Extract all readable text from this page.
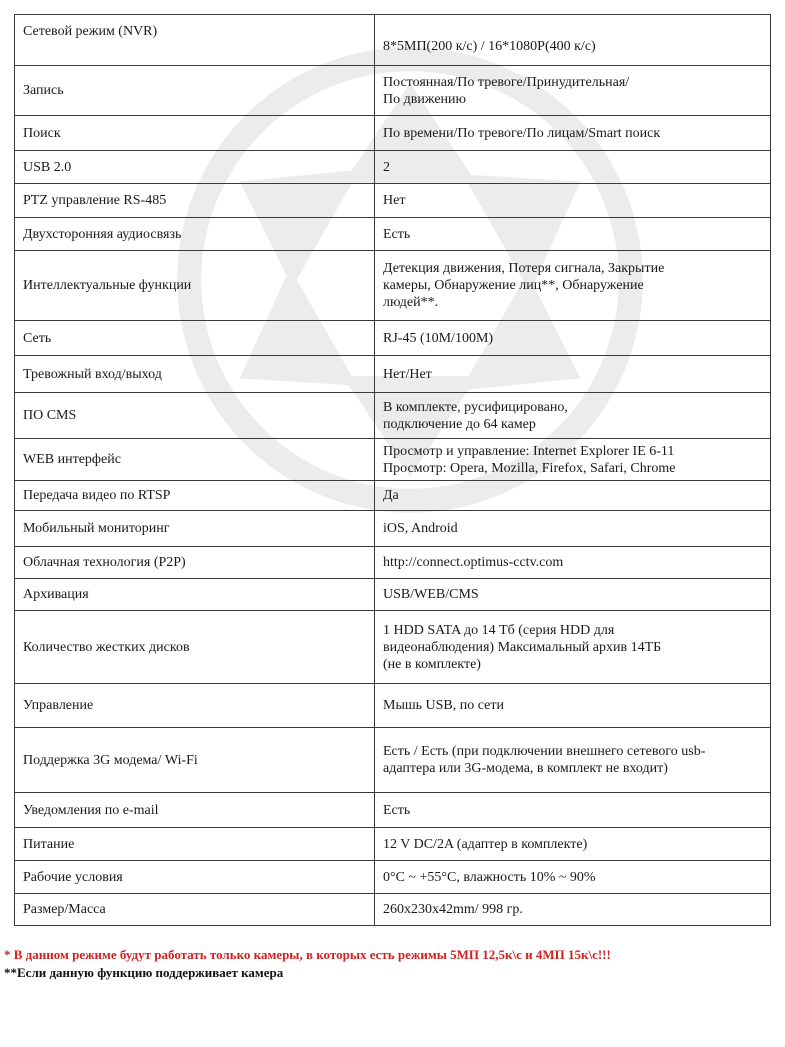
Сетевой режим (NVR)	8*5МП(200 к/с) / 16*1080P(400 к/с)
Запись	Постоянная/По тревоге/Принудительная/
По движению
Поиск	По времени/По тревоге/По лицам/Smart поиск
USB 2.0	2
PTZ управление RS-485	Нет
Двухсторонняя аудиосвязь	Есть
Интеллектуальные функции	Детекция движения, Потеря сигнала, Закрытие
камеры, Обнаружение лиц**, Обнаружение
людей**.
Сеть	RJ-45 (10M/100M)
Тревожный вход/выход	Нет/Нет
ПО CMS	В комплекте, русифицировано,
подключение до 64 камер
WEB интерфейс	Просмотр и управление: Internet Explorer IE 6-11
Просмотр: Opera, Mozilla, Firefox, Safari, Chrome
Передача видео по RTSP	Да
Мобильный мониторинг	iOS, Android
Облачная технология (P2P)	http://connect.optimus-cctv.com
Архивация	USB/WEB/CMS
Количество жестких дисков	1 HDD SATA до 14 Тб (серия HDD для
видеонаблюдения) Максимальный архив 14ТБ
(не в комплекте)
Управление	Мышь USB, по сети
Поддержка 3G модема/ Wi-Fi	Есть / Есть (при подключении внешнего сетевого usb-
адаптера или 3G-модема, в комплект не входит)
Уведомления по e-mail	Есть
Питание	12 V DC/2A (адаптер в комплекте)
Рабочие условия	0°C ~ +55°C, влажность 10% ~ 90%
Размер/Масса	260x230x42mm/ 998 гр.
* В данном режиме будут работать только камеры, в которых есть режимы 5МП 12,5к\с и 4МП 15к\с!!!
**Если данную функцию поддерживает камера
